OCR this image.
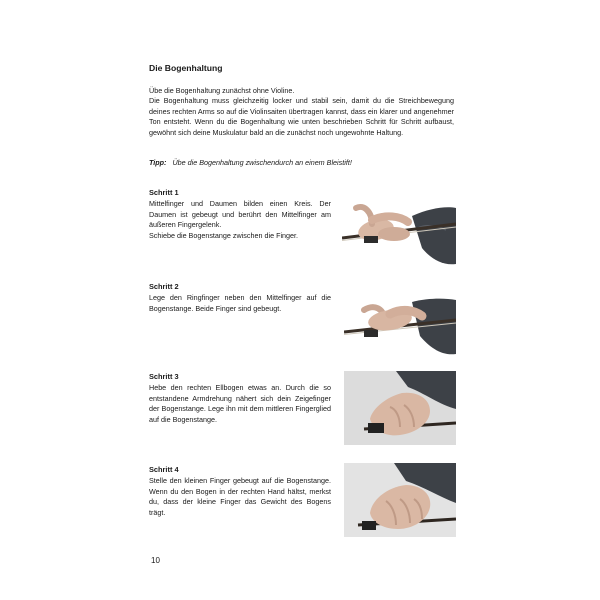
Die Bogenhaltung

Übe die Bogenhaltung zunächst ohne Violine.

Die Bogenhaltung muss gleichzeitig locker und stabil sein, damit du die Streichbewegung deines rechten Arms so auf die Violinsaiten übertragen kannst, dass ein klarer und angenehmer Ton entsteht. Wenn du die Bogenhaltung wie unten beschrieben Schritt für Schritt aufbaust, gewöhnt sich deine Muskulatur bald an die zunächst noch ungewohnte Haltung.

Tipp: Übe die Bogenhaltung zwischendurch an einem Bleistift!
Schritt 1

Mittelfinger und Daumen bilden einen Kreis. Der Daumen ist gebeugt und berührt den Mittelfinger am äußeren Fingergelenk.

Schiebe die Bogenstange zwischen die Finger.

Schritt 2

Lege den Ringfinger neben den Mittelfinger auf die Bogenstange. Beide Finger sind gebeugt.

Schritt 3

Hebe den rechten Ellbogen etwas an. Durch die so entstandene Armdrehung nähert sich dein Zeigefinger der Bogenstange. Lege ihn mit dem mittleren Fingerglied auf die Bogenstange.

Schritt 4

Stelle den kleinen Finger gebeugt auf die Bogenstange. Wenn du den Bogen in der rechten Hand hältst, merkst du, dass der kleine Finger das Gewicht des Bogens trägt.

10
